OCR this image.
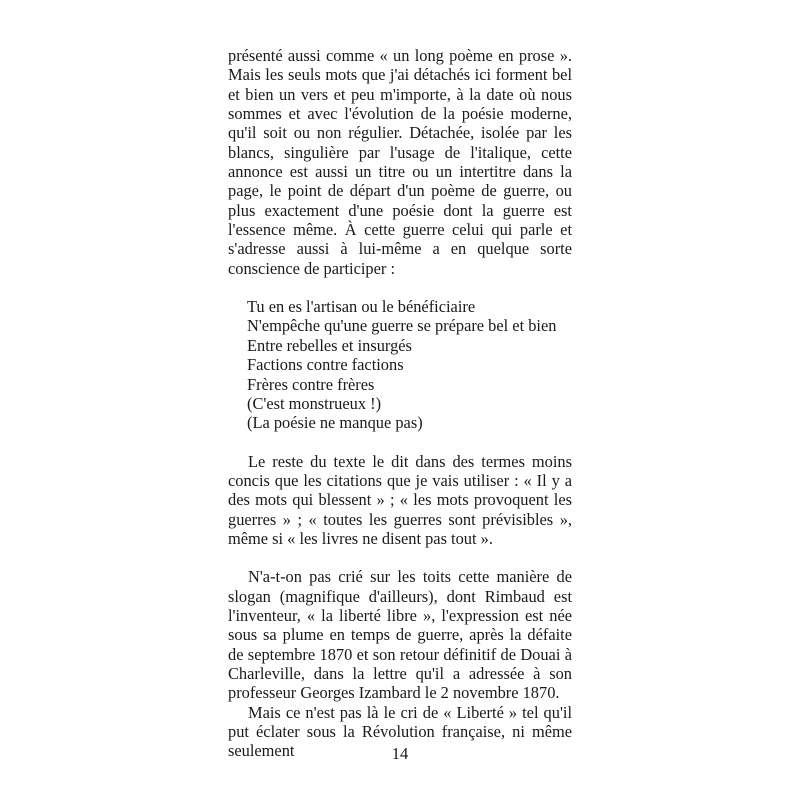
présenté aussi comme « un long poème en prose ». Mais les seuls mots que j'ai détachés ici forment bel et bien un vers et peu m'importe, à la date où nous sommes et avec l'évolution de la poésie moderne, qu'il soit ou non régulier. Détachée, isolée par les blancs, singulière par l'usage de l'italique, cette annonce est aussi un titre ou un intertitre dans la page, le point de départ d'un poème de guerre, ou plus exactement d'une poésie dont la guerre est l'essence même. À cette guerre celui qui parle et s'adresse aussi à lui-même a en quelque sorte conscience de participer :

Tu en es l'artisan ou le bénéficiaire
N'empêche qu'une guerre se prépare bel et bien
Entre rebelles et insurgés
Factions contre factions
Frères contre frères
(C'est monstrueux !)
(La poésie ne manque pas)

Le reste du texte le dit dans des termes moins concis que les citations que je vais utiliser : « Il y a des mots qui blessent » ; « les mots provoquent les guerres » ; « toutes les guerres sont prévisibles », même si « les livres ne disent pas tout ».

N'a-t-on pas crié sur les toits cette manière de slogan (magnifique d'ailleurs), dont Rimbaud est l'inventeur, « la liberté libre », l'expression est née sous sa plume en temps de guerre, après la défaite de septembre 1870 et son retour définitif de Douai à Charleville, dans la lettre qu'il a adressée à son professeur Georges Izambard le 2 novembre 1870.

Mais ce n'est pas là le cri de « Liberté » tel qu'il put éclater sous la Révolution française, ni même seulement	14
